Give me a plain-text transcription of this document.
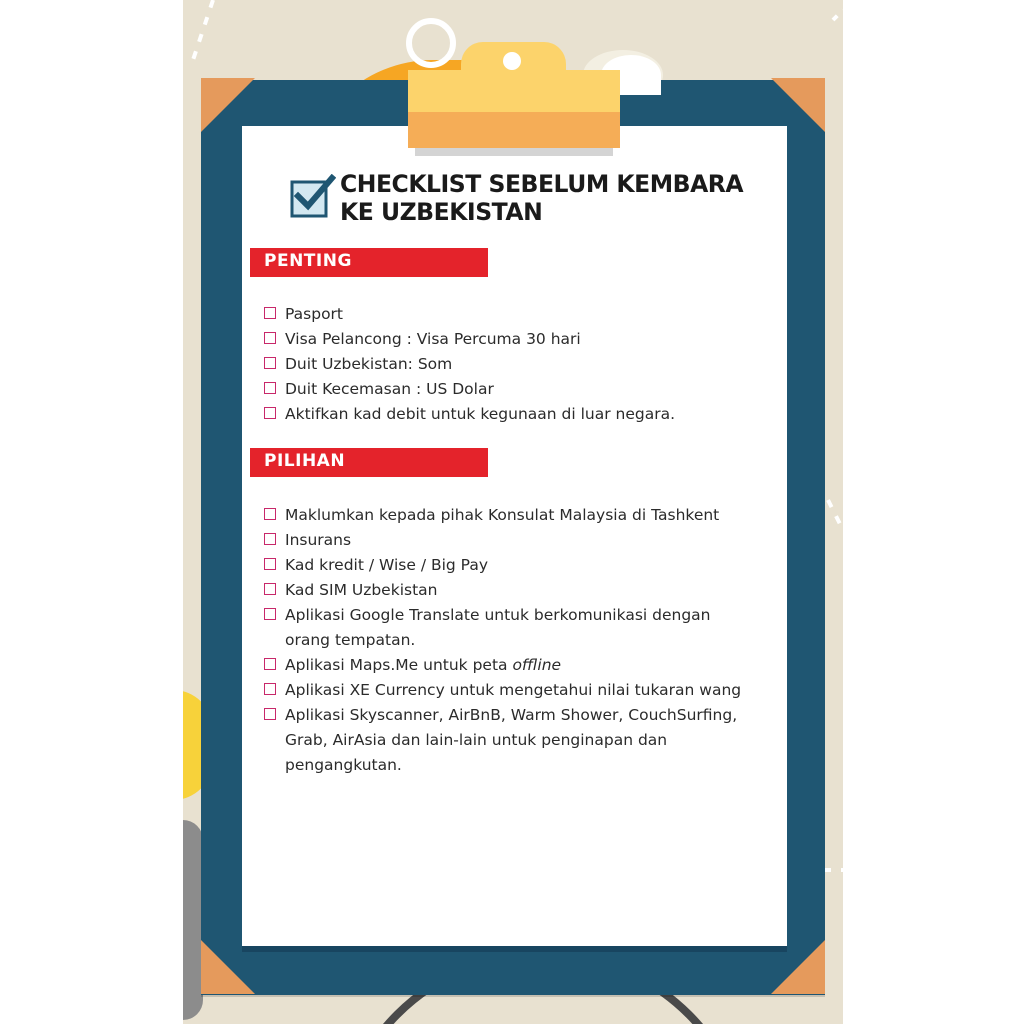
CHECKLIST SEBELUM KEMBARA
KE UZBEKISTAN
PENTING
Pasport
Visa Pelancong : Visa Percuma 30 hari
Duit Uzbekistan: Som
Duit Kecemasan : US Dolar
Aktifkan kad debit untuk kegunaan di luar negara.
PILIHAN
Maklumkan kepada pihak Konsulat Malaysia di Tashkent
Insurans
Kad kredit / Wise / Big Pay
Kad SIM Uzbekistan
Aplikasi Google Translate untuk berkomunikasi dengan
orang tempatan.
Aplikasi Maps.Me untuk peta offline
Aplikasi XE Currency untuk mengetahui nilai tukaran wang
Aplikasi Skyscanner, AirBnB, Warm Shower, CouchSurfing,
Grab, AirAsia dan lain-lain untuk penginapan dan
pengangkutan.
